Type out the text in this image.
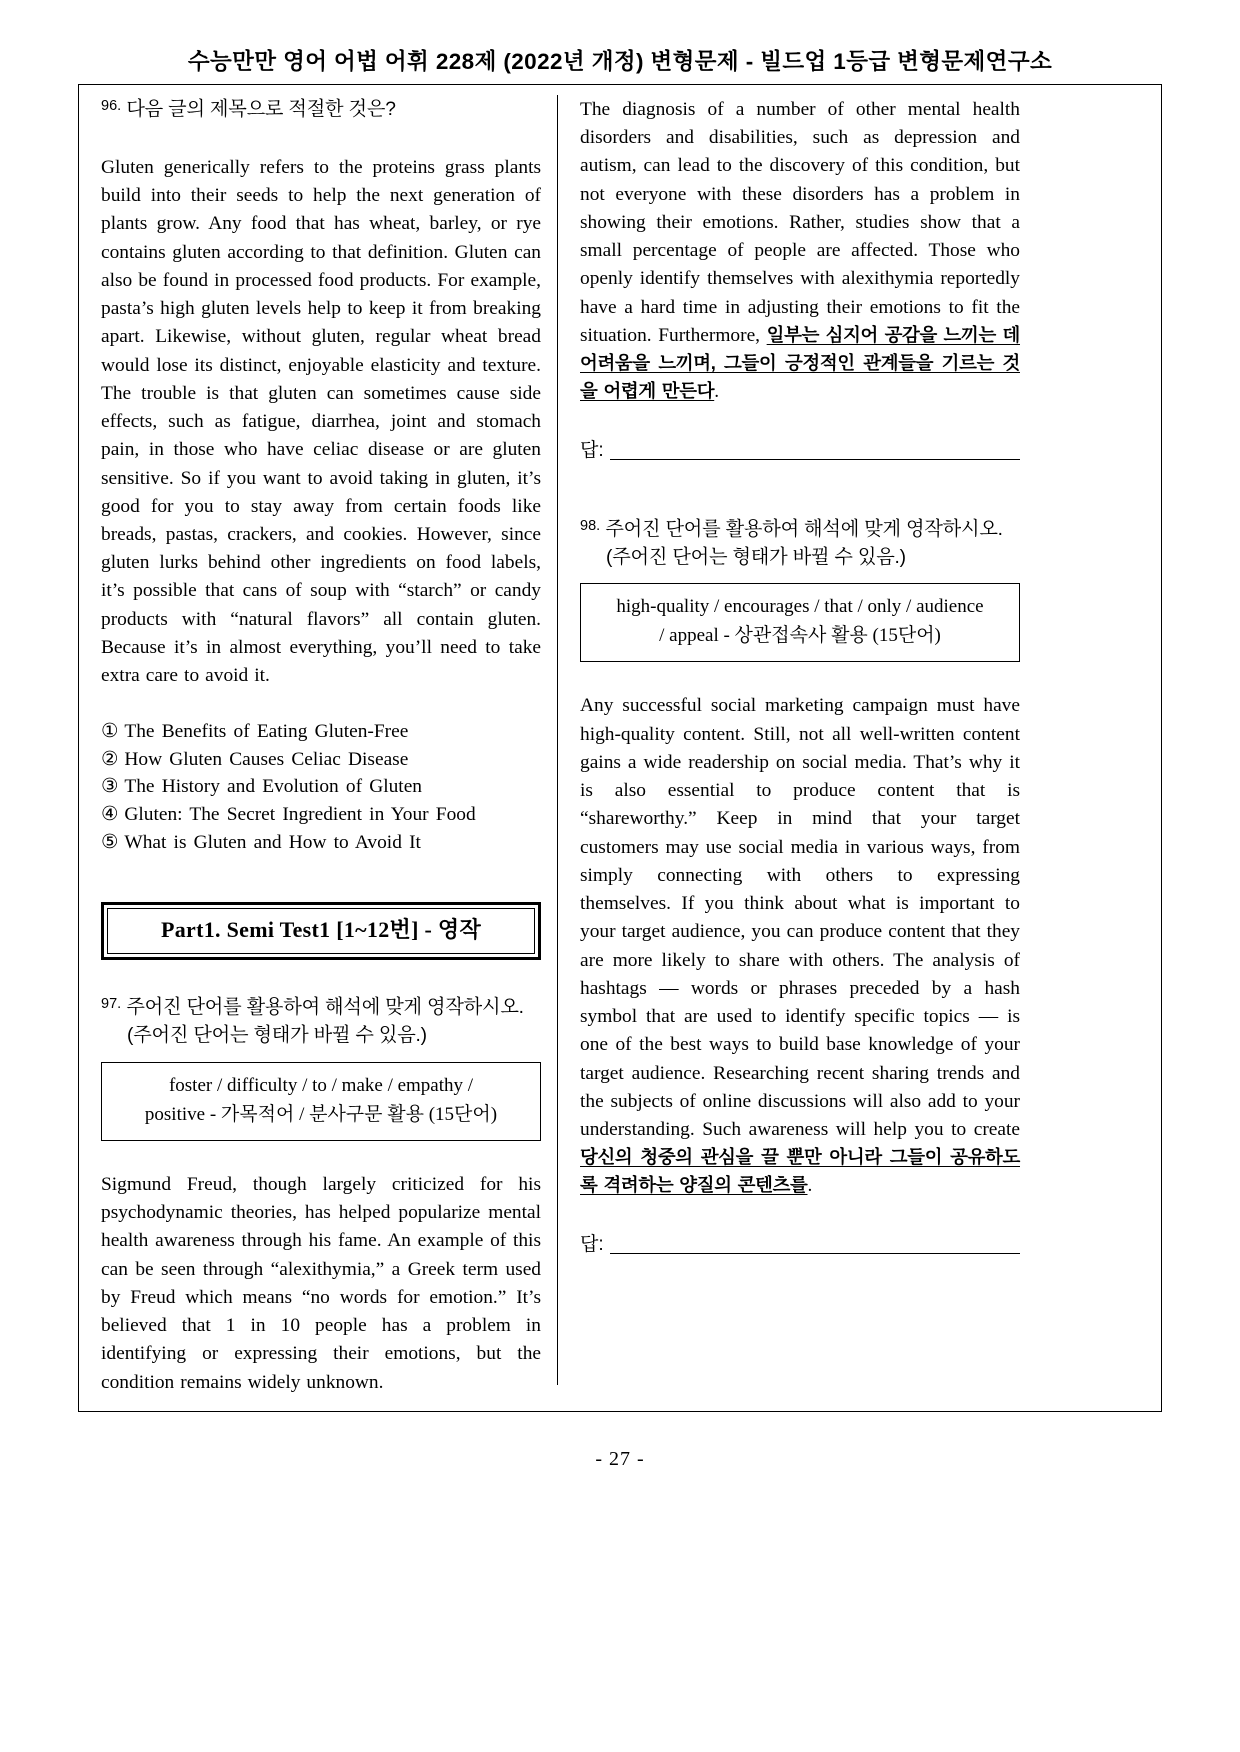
수능만만 영어 어법 어휘 228제 (2022년 개정) 변형문제 - 빌드업 1등급 변형문제연구소
$^{96.}$ 다음 글의 제목으로 적절한 것은?

Gluten generically refers to the proteins grass plants build into their seeds to help the next generation of plants grow. Any food that has wheat, barley, or rye contains gluten according to that definition. Gluten can also be found in processed food products. For example, pasta’s high gluten levels help to keep it from breaking apart. Likewise, without gluten, regular wheat bread would lose its distinct, enjoyable elasticity and texture. The trouble is that gluten can sometimes cause side effects, such as fatigue, diarrhea, joint and stomach pain, in those who have celiac disease or are gluten sensitive. So if you want to avoid taking in gluten, it’s good for you to stay away from certain foods like breads, pastas, crackers, and cookies. However, since gluten lurks behind other ingredients on food labels, it’s possible that cans of soup with “starch” or candy products with “natural flavors” all contain gluten. Because it’s in almost everything, you’ll need to take extra care to avoid it.

① The Benefits of Eating Gluten-Free
② How Gluten Causes Celiac Disease
③ The History and Evolution of Gluten
④ Gluten: The Secret Ingredient in Your Food
⑤ What is Gluten and How to Avoid It
Part1. Semi Test1 [1~12번] - 영작
$^{97.}$ 주어진 단어를 활용하여 해석에 맞게 영작하시오.
(주어진 단어는 형태가 바뀔 수 있음.)
foster / difficulty / to / make / empathy /
positive - 가목적어 / 분사구문 활용 (15단어)

Sigmund Freud, though largely criticized for his psychodynamic theories, has helped popularize mental health awareness through his fame. An example of this can be seen through “alexithymia,” a Greek term used by Freud which means “no words for emotion.” It’s believed that 1 in 10 people has a problem in identifying or expressing their emotions, but the condition remains widely unknown.

The diagnosis of a number of other mental health disorders and disabilities, such as depression and autism, can lead to the discovery of this condition, but not everyone with these disorders has a problem in showing their emotions. Rather, studies show that a small percentage of people are affected. Those who openly identify themselves with alexithymia reportedly have a hard time in adjusting their emotions to fit the situation. Furthermore, 일부는 심지어 공감을 느끼는 데 어려움을 느끼며, 그들이 긍정적인 관계들을 기르는 것을 어렵게 만든다.

답:
$^{98.}$ 주어진 단어를 활용하여 해석에 맞게 영작하시오.
(주어진 단어는 형태가 바뀔 수 있음.)
high-quality / encourages / that / only / audience
/ appeal - 상관접속사 활용 (15단어)

Any successful social marketing campaign must have high-quality content. Still, not all well-written content gains a wide readership on social media. That’s why it is also essential to produce content that is “shareworthy.” Keep in mind that your target customers may use social media in various ways, from simply connecting with others to expressing themselves. If you think about what is important to your target audience, you can produce content that they are more likely to share with others. The analysis of hashtags — words or phrases preceded by a hash symbol that are used to identify specific topics — is one of the best ways to build base knowledge of your target audience. Researching recent sharing trends and the subjects of online discussions will also add to your understanding. Such awareness will help you to create 당신의 청중의 관심을 끌 뿐만 아니라 그들이 공유하도록 격려하는 양질의 콘텐츠를.

답:
- 27 -
